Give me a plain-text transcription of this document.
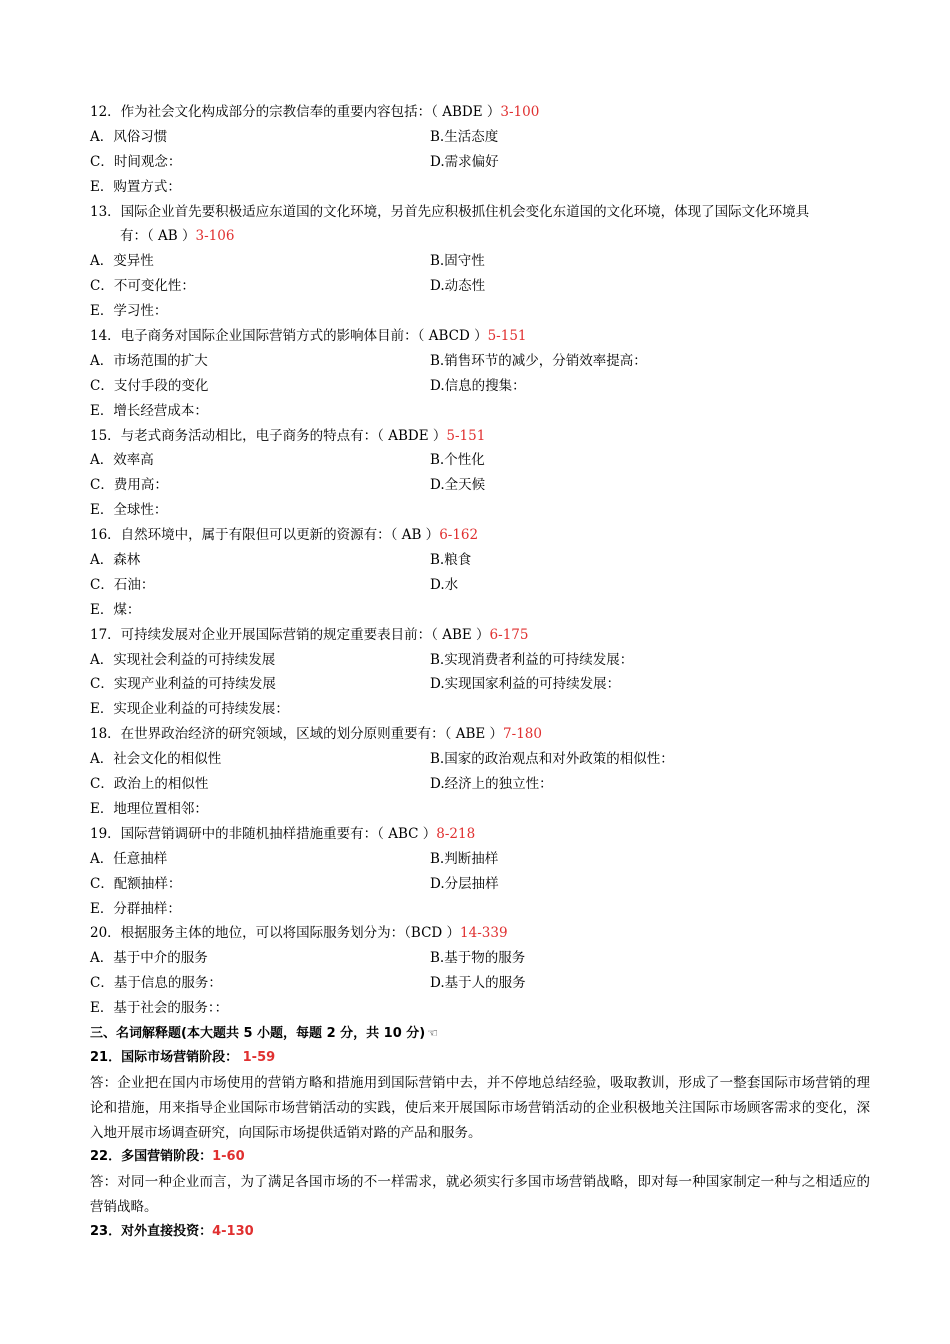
12．作为社会文化构成部分的宗教信奉的重要内容包括：（ ABDE ）3-100
A．风俗习惯	B.生活态度
C．时间观念：	D.需求偏好
E．购置方式：
13．国际企业首先要积极适应东道国的文化环境，另首先应积极抓住机会变化东道国的文化环境，体现了国际文化环境具
有：（ AB ）3-106
A．变异性	B.固守性
C．不可变化性：	D.动态性
E．学习性：
14．电子商务对国际企业国际营销方式的影响体目前：（ ABCD ）5-151
A．市场范围的扩大	B.销售环节的减少，分销效率提高：
C．支付手段的变化	D.信息的搜集：
E．增长经营成本：
15．与老式商务活动相比，电子商务的特点有：（ ABDE ）5-151
A．效率高	B.个性化
C．费用高：	D.全天候
E．全球性：
16．自然环境中，属于有限但可以更新的资源有：（ AB ）6-162
A．森林	B.粮食
C．石油：	D.水
E．煤：
17．可持续发展对企业开展国际营销的规定重要表目前：（ ABE ）6-175
A．实现社会利益的可持续发展	B.实现消费者利益的可持续发展：
C．实现产业利益的可持续发展	D.实现国家利益的可持续发展：
E．实现企业利益的可持续发展：
18．在世界政治经济的研究领域，区域的划分原则重要有：（ ABE ）7-180
A．社会文化的相似性	B.国家的政治观点和对外政策的相似性：
C．政治上的相似性	D.经济上的独立性：
E．地理位置相邻：
19．国际营销调研中的非随机抽样措施重要有：（ ABC ）8-218
A．任意抽样	B.判断抽样
C．配额抽样：	D.分层抽样
E．分群抽样：
20．根据服务主体的地位，可以将国际服务划分为：（BCD ）14-339
A．基于中介的服务	B.基于物的服务
C．基于信息的服务：	D.基于人的服务
E．基于社会的服务：：
三、名词解释题(本大题共 5 小题，每题 2 分，共 10 分) ☜
21．国际市场营销阶段： 1-59
答：企业把在国内市场使用的营销方略和措施用到国际营销中去，并不停地总结经验，吸取教训，形成了一整套国际市场营销的理论和措施，用来指导企业国际市场营销活动的实践，使后来开展国际市场营销活动的企业积极地关注国际市场顾客需求的变化，深入地开展市场调查研究，向国际市场提供适销对路的产品和服务。
22．多国营销阶段：1-60
答：对同一种企业而言，为了满足各国市场的不一样需求，就必须实行多国市场营销战略，即对每一种国家制定一种与之相适应的营销战略。
23．对外直接投资：4-130
